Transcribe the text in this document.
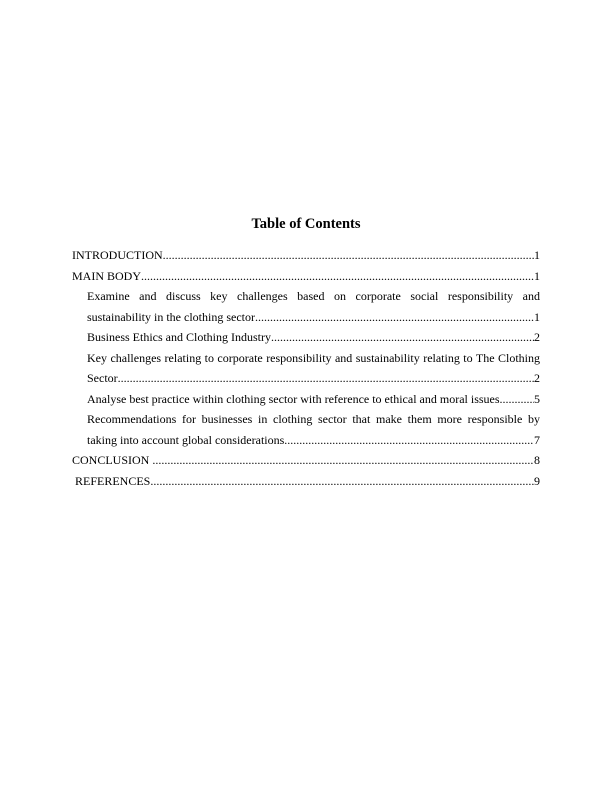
Table of Contents
INTRODUCTION .....	1
MAIN BODY .....	1
Examine and discuss key challenges based on corporate social responsibility and
sustainability in the clothing sector .....	1
Business Ethics and Clothing Industry .....	2
Key challenges relating to corporate responsibility and sustainability relating to The Clothing
Sector .....	2
Analyse best practice within clothing sector with reference to ethical and moral issues .....	5
Recommendations for businesses in clothing sector that make them more responsible by
taking into account global considerations .....	7
CONCLUSION .....	8
REFERENCES .....	9
